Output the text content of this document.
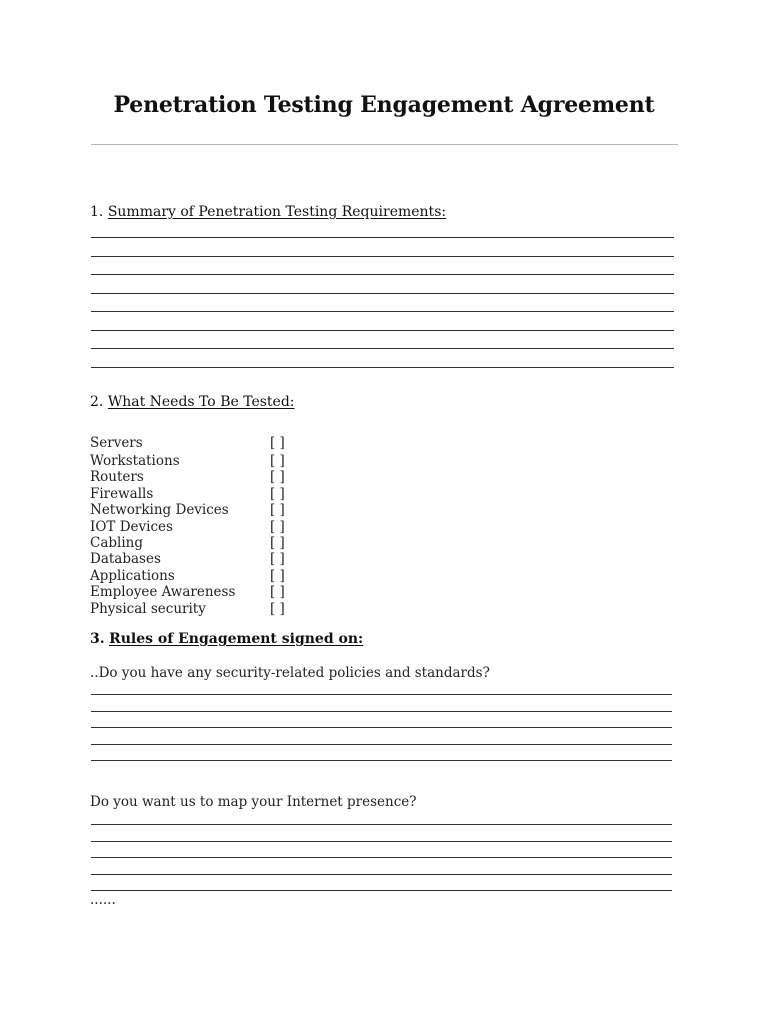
Penetration Testing Engagement Agreement

1. Summary of Penetration Testing Requirements:

2. What Needs To Be Tested:

Servers	[ ]
Workstations	[ ]
Routers	[ ]
Firewalls	[ ]
Networking Devices	[ ]
IOT Devices	[ ]
Cabling	[ ]
Databases	[ ]
Applications	[ ]
Employee Awareness	[ ]
Physical security	[ ]

3. Rules of Engagement signed on:

..Do you have any security-related policies and standards?

Do you want us to map your Internet presence?

......
